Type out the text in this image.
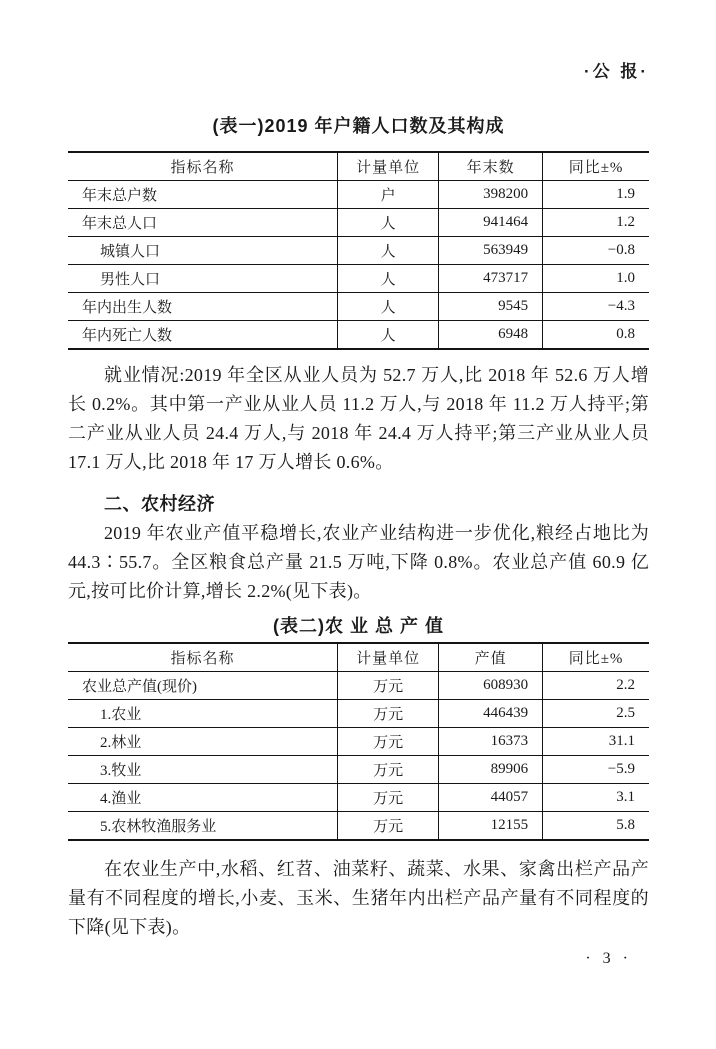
·公 报·
(表一)2019 年户籍人口数及其构成
指标名称	计量单位	年末数	同比±%
年末总户数	户	398200	1.9
年末总人口	人	941464	1.2
城镇人口	人	563949	−0.8
男性人口	人	473717	1.0
年内出生人数	人	9545	−4.3
年内死亡人数	人	6948	0.8

就业情况:2019 年全区从业人员为 52.7 万人,比 2018 年 52.6 万人增长 0.2%。其中第一产业从业人员 11.2 万人,与 2018 年 11.2 万人持平;第二产业从业人员 24.4 万人,与 2018 年 24.4 万人持平;第三产业从业人员 17.1 万人,比 2018 年 17 万人增长 0.6%。

二、农村经济

2019 年农业产值平稳增长,农业产业结构进一步优化,粮经占地比为 44.3∶55.7。全区粮食总产量 21.5 万吨,下降 0.8%。农业总产值 60.9 亿元,按可比价计算,增长 2.2%(见下表)。

(表二)农 业 总 产 值
指标名称	计量单位	产值	同比±%
农业总产值(现价)	万元	608930	2.2
1.农业	万元	446439	2.5
2.林业	万元	16373	31.1
3.牧业	万元	89906	−5.9
4.渔业	万元	44057	3.1
5.农林牧渔服务业	万元	12155	5.8

在农业生产中,水稻、红苕、油菜籽、蔬菜、水果、家禽出栏产品产量有不同程度的增长,小麦、玉米、生猪年内出栏产品产量有不同程度的下降(见下表)。

· 3 ·
